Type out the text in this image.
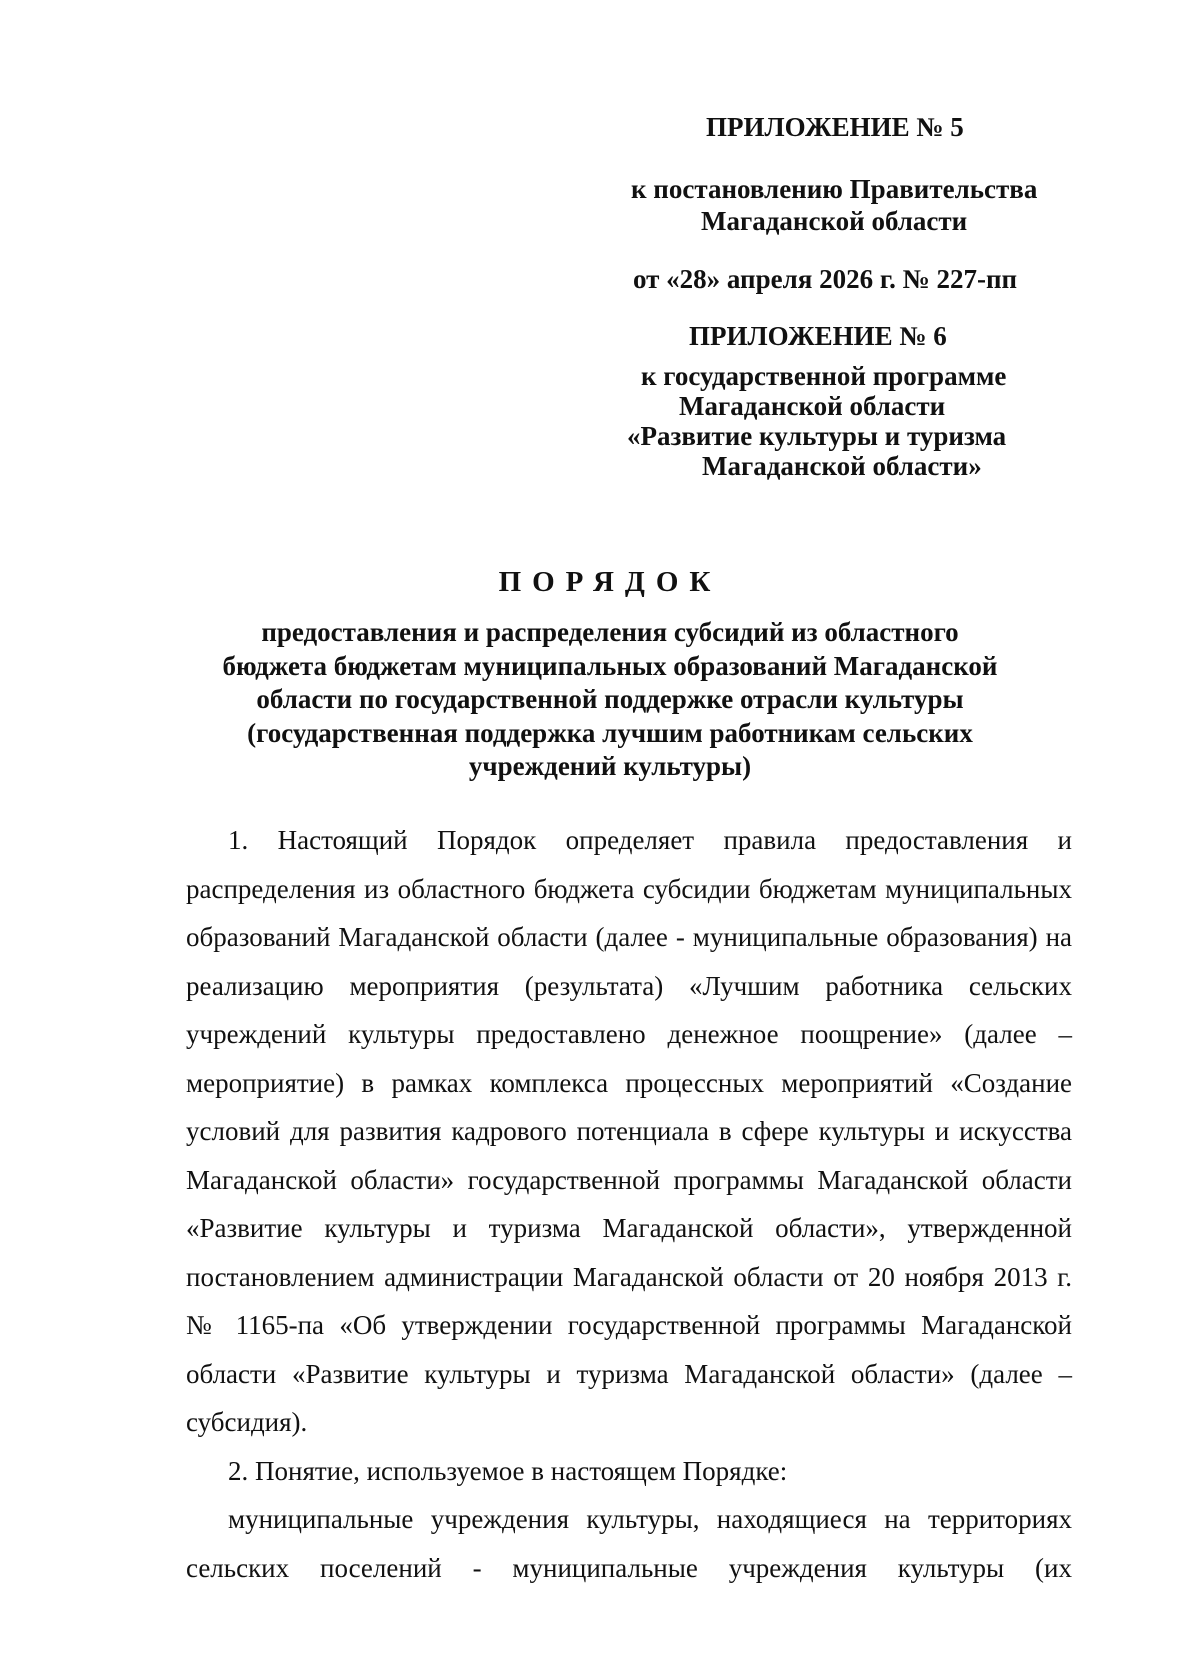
ПРИЛОЖЕНИЕ № 5
к постановлению Правительства
Магаданской области
от «28» апреля 2026 г. № 227-пп
ПРИЛОЖЕНИЕ № 6
к государственной программе
Магаданской области
«Развитие культуры и туризма
Магаданской области»
ПОРЯДОК
предоставления и распределения субсидий из областного
бюджета бюджетам муниципальных образований Магаданской
области по государственной поддержке отрасли культуры
(государственная поддержка лучшим работникам сельских
учреждений культуры)

1. Настоящий Порядок определяет правила предоставления и распределения из областного бюджета субсидии бюджетам муниципальных образований Магаданской области (далее - муниципальные образования) на реализацию мероприятия (результата) «Лучшим работника сельских учреждений культуры предоставлено денежное поощрение» (далее – мероприятие) в рамках комплекса процессных мероприятий «Создание условий для развития кадрового потенциала в сфере культуры и искусства Магаданской области» государственной программы Магаданской области «Развитие культуры и туризма Магаданской области», утвержденной постановлением администрации Магаданской области от 20 ноября 2013 г. № 1165-па «Об утверждении государственной программы Магаданской области «Развитие культуры и туризма Магаданской области» (далее – субсидия).

2. Понятие, используемое в настоящем Порядке:

муниципальные учреждения культуры, находящиеся на территориях сельских поселений - муниципальные учреждения культуры (их
